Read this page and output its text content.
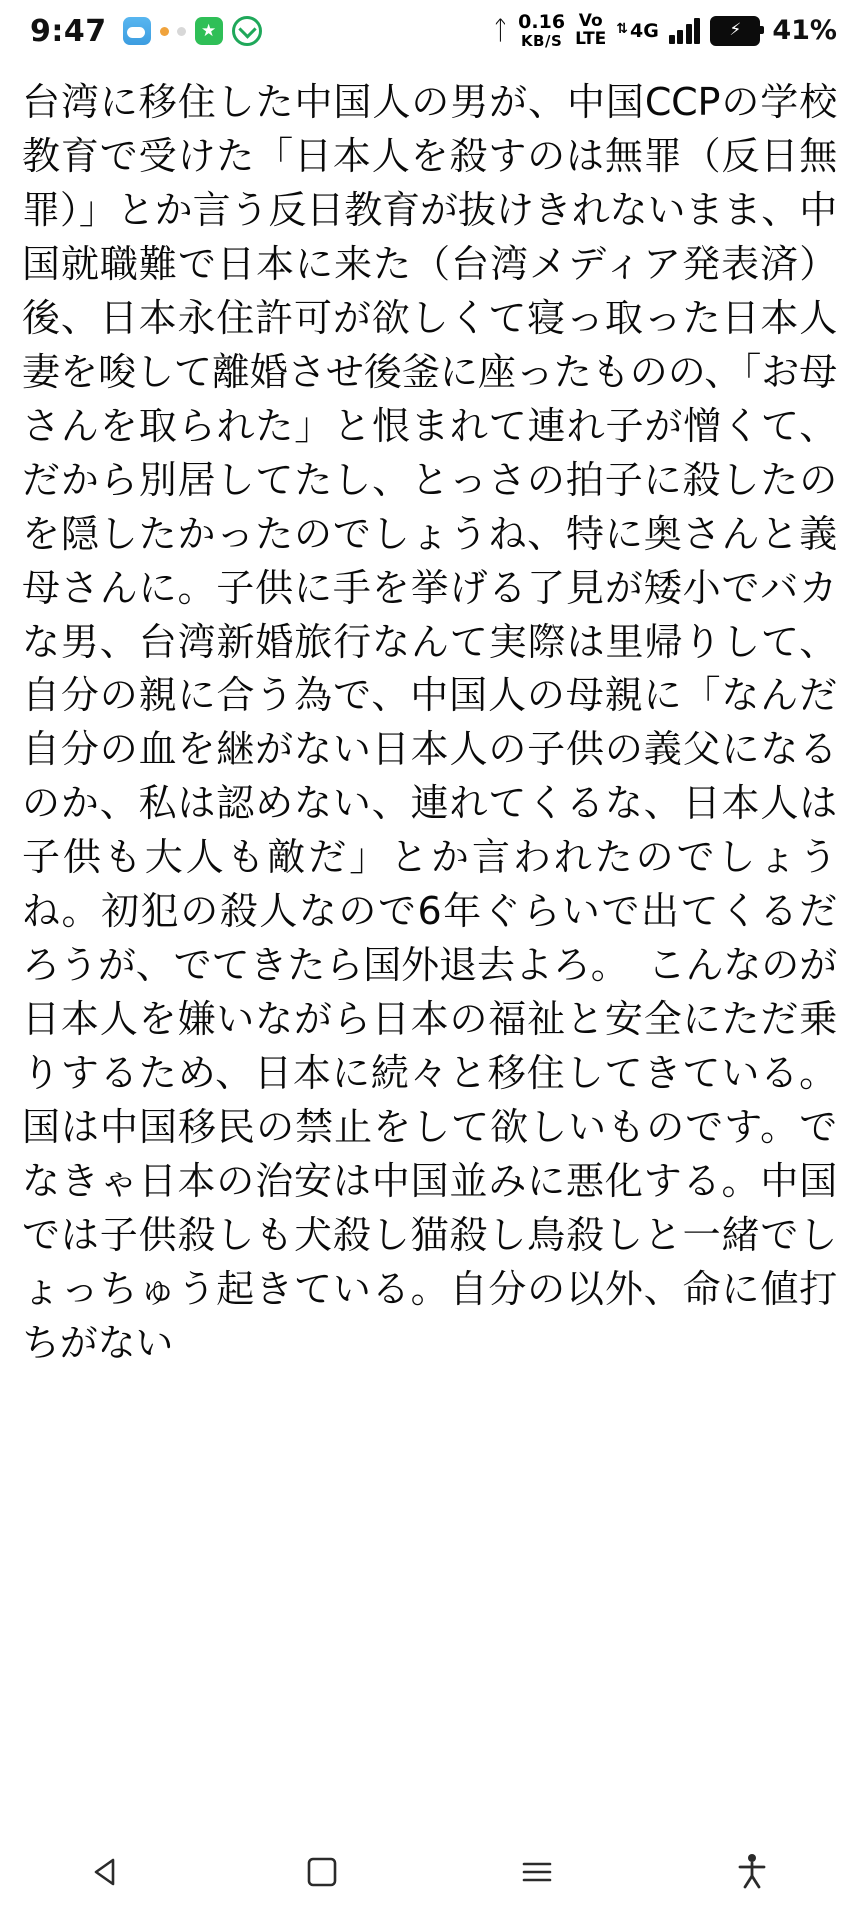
9:47 ★	ᛏ 0.16
KB/S
Vo
LTE ⇅ 4G	⚡ 41%
台湾に移住した中国人の男が、中国CCPの学校教育で受けた「日本人を殺すのは無罪（反日無罪）」とか言う反日教育が抜けきれないまま、中国就職難で日本に来た（台湾メディア発表済）後、日本永住許可が欲しくて寝っ取った日本人妻を唆して離婚させ後釜に座ったものの、「お母さんを取られた」と恨まれて連れ子が憎くて、だから別居してたし、とっさの拍子に殺したのを隠したかったのでしょうね、特に奥さんと義母さんに。子供に手を挙げる了見が矮小でバカな男、台湾新婚旅行なんて実際は里帰りして、自分の親に合う為で、中国人の母親に「なんだ自分の血を継がない日本人の子供の義父になるのか、私は認めない、連れてくるな、日本人は子供も大人も敵だ」とか言われたのでしょうね。初犯の殺人なので6年ぐらいで出てくるだろうが、でてきたら国外退去よろ。　こんなのが日本人を嫌いながら日本の福祉と安全にただ乗りするため、日本に続々と移住してきている。国は中国移民の禁止をして欲しいものです。でなきゃ日本の治安は中国並みに悪化する。中国では子供殺しも犬殺し猫殺し鳥殺しと一緒でしょっちゅう起きている。自分の以外、命に値打ちがない
